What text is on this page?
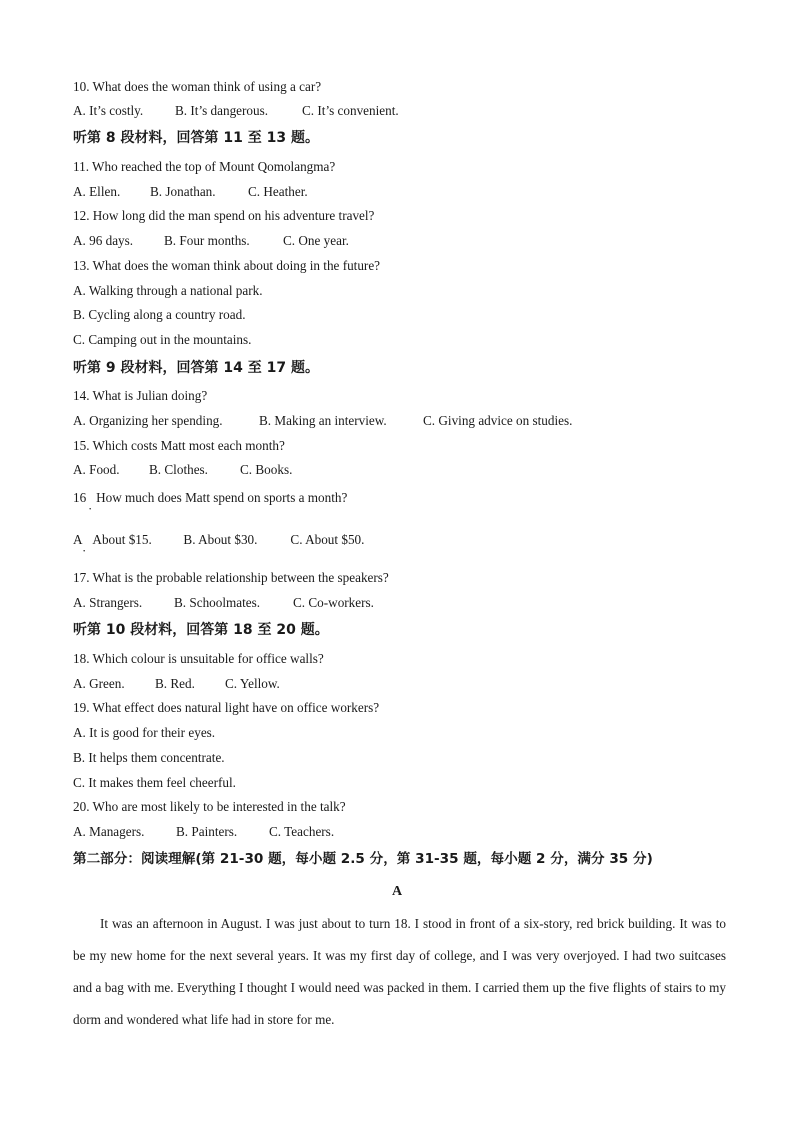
10. What does the woman think of using a car?
A. It’s costly. B. It’s dangerous.	C. It’s convenient.
听第 8 段材料，回答第 11 至 13 题。
11. Who reached the top of Mount Qomolangma?
A. Ellen. B. Jonathan. C. Heather.
12. How long did the man spend on his adventure travel?
A. 96 days. B. Four months.	C. One year.
13. What does the woman think about doing in the future?
A. Walking through a national park.
B. Cycling along a country road.
C. Camping out in the mountains.
听第 9 段材料，回答第 14 至 17 题。
14. What is Julian doing?
A. Organizing her spending.	B. Making an interview.	C. Giving advice on studies.
15. Which costs Matt most each month?
A. Food. B. Clothes. C. Books.
16 How much does Matt spend on sports a month?
·
A About $15. B. About $30. C. About $50.
·
17. What is the probable relationship between the speakers?
A. Strangers. B. Schoolmates. C. Co-workers.
听第 10 段材料，回答第 18 至 20 题。
18. Which colour is unsuitable for office walls?
A. Green. B. Red. C. Yellow.
19. What effect does natural light have on office workers?
A. It is good for their eyes.
B. It helps them concentrate.
C. It makes them feel cheerful.
20. Who are most likely to be interested in the talk?
A. Managers. B. Painters. C. Teachers.
第二部分：阅读理解(第 21-30 题，每小题 2.5 分，第 31-35 题，每小题 2 分，满分 35 分)
A
It was an afternoon in August. I was just about to turn 18. I stood in front of a six-story, red brick building. It was to be my new home for the next several years. It was my first day of college, and I was very overjoyed. I had two suitcases and a bag with me. Everything I thought I would need was packed in them. I carried them up the five flights of stairs to my dorm and wondered what life had in store for me.
